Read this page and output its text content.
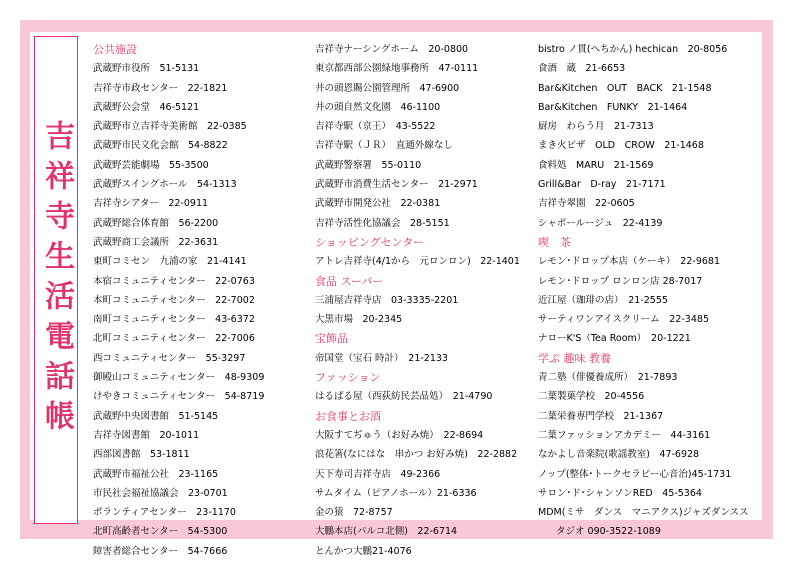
吉祥寺生活電話帳
公共施設
武蔵野市役所　51-5131
吉祥寺市政センター　22-1821
武蔵野公会堂　46-5121
武蔵野市立吉祥寺美術館　22-0385
武蔵野市民文化会館　54-8822
武蔵野芸能劇場　55-3500
武蔵野スイングホール　54-1313
吉祥寺シアター　22-0911
武蔵野総合体育館　56-2200
武蔵野商工会議所　22-3631
東町コミセン　九浦の家　21-4141
本宿コミュニティセンター　22-0763
本町コミュニティセンター　22-7002
南町コミュニティセンター　43-6372
北町コミュニティセンター　22-7006
西コミュニティセンター　55-3297
御殿山コミュニティセンター　48-9309
けやきコミュニティセンター　54-8719
武蔵野中央図書館　51-5145
吉祥寺図書館　20-1011
西部図書館　53-1811
武蔵野市福祉公社　23-1165
市民社会福祉協議会　23-0701
ボランティアセンター　23-1170
北町高齢者センター　54-5300
障害者総合センター　54-7666
吉祥寺ナーシングホーム　20-0800
東京都西部公園緑地事務所　47-0111
井の頭恩賜公園管理所　47-6900
井の頭自然文化園　46-1100
吉祥寺駅（京王）　43-5522
吉祥寺駅（ＪＲ）　直通外線なし
武蔵野警察署　55-0110
武蔵野市消費生活センター　21-2971
武蔵野市開発公社　22-0381
吉祥寺活性化協議会　28-5151
ショッピングセンター
アトレ吉祥寺(4/1から　元ロンロン)　22-1401
食品 スーパー
三浦屋吉祥寺店　03-3335-2201
大黒市場　20-2345
宝飾品
帝国堂（宝石 時計）　21-2133
ファッション
はるばる屋（西荻紡民芸品処）　21-4790
お食事とお酒
大阪すてぢゅう（お好み焼）　22-8694
浪花箸(なにはな　串かつ お好み焼)　22-2882
天下寿司吉祥寺店　49-2366
サムタイム（ピアノホール）21-6336
金の猿　72-8757
大鵬本店(パルコ北側)　22-6714
とんかつ大鵬21-4076
bistro ノ貫(へちかん) hechican　20-8056
食酒　蔵　21-6653
Bar&Kitchen　OUT　BACK　21-1548
Bar&Kitchen　FUNKY　21-1464
厨房　わらう月　21-7313
まき火ピザ　OLD　CROW　21-1468
食料処　MARU　21-1569
Grill&Bar　D-ray　21-7171
吉祥寺翠園　22-0605
シャポールージュ　22-4139
喫　茶
レモン･ドロップ本店（ケーキ）　22-9681
レモン･ドロップ ロンロン店 28-7017
近江屋（珈琲の店）　21-2555
サーティワンアイスクリーム　22-3485
ナローK'S（Tea Room）　20-1221
学ぶ 趣味 教養
青二塾（俳優養成所）　21-7893
二葉製菓学校　20-4556
二葉栄養専門学校　21-1367
二葉ファッションアカデミー　44-3161
なかよし音楽院(歌謡教室)　47-6928
ノップ(整体･トークセラピー心音治)45-1731
サロン･ド･シャンソンRED　45-5364
MDM(ミサ　ダンス　マニアクス)ジャズダンスス
タジオ 090-3522-1089
